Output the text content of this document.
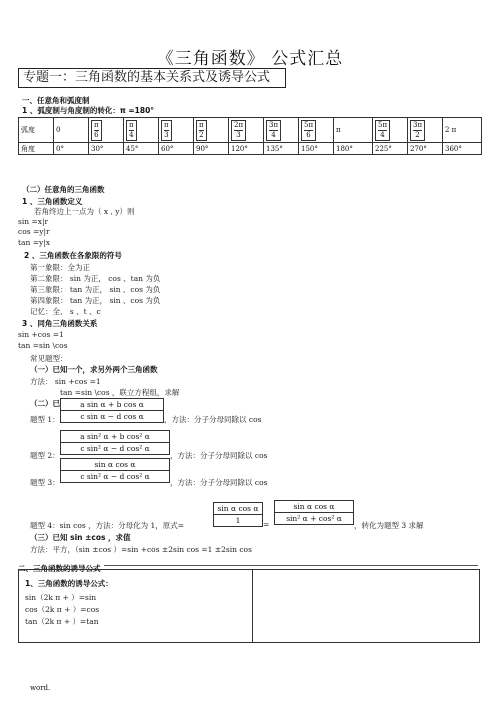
《三角函数》 公式汇总
专题一：三角函数的基本关系式及诱导公式
一、任意角和弧度制
1 、弧度制与角度制的转化：π =180°
弧度	0	$\frac{\pi}{6}$	$\frac{\pi}{4}$	$\frac{\pi}{3}$	$\frac{\pi}{2}$	$\frac{2\pi}{3}$	$\frac{3\pi}{4}$	$\frac{5\pi}{6}$	π	$\frac{5\pi}{4}$	$\frac{3\pi}{2}$	2 π
角度	0°	30°	45°	60°	90°	120°	135°	150°	180°	225°	270°	360°
（二）任意角的三角函数
1 、三角函数定义
若角终边上一点为（ x , y）则
sin =x|r
cos =y|r
tan =y|x
2 、三角函数在各象限的符号
第一象限：全为正
第二象限： sin 为正， cos 、tan 为负
第三象限： tan 为正， sin 、cos 为负
第四象限： tan 为正， sin 、cos 为负
记忆：全、 s 、t 、c
3 、同角三角函数关系
sin +cos =1
tan =sin \cos
常见题型：
（一）已知一个，求另外两个三角函数
方法： sin +cos =1
tan =sin \cos ，联立方程组，求解
（二）已 $\frac{\text{a sin α + b cos α}}{\text{c sin α − d cos α}}$
题型 1：	，方法：分子分母同除以 cos
$\frac{\text{a sin² α + b cos² α}}{\text{c sin² α − d cos² α}}$
题型 2：	，方法：分子分母同除以 cos
$\frac{\text{sin α cos α}}{\text{c sin² α − d cos² α}}$
题型 3：	，方法：分子分母同除以 cos
题型 4：sin cos ，方法：分母化为 1，原式=	$\frac{\text{sin α cos α}}{1} = \frac{\text{sin α cos α}}{\text{sin² α + cos² α}}$
，转化为题型 3 求解
（三）已知 sin ±cos ，求值
方法：平方，（sin ±cos ）=sin +cos ±2sin cos =1 ±2sin cos
二、三角函数的诱导公式
1、三角函数的诱导公式：
sin（2k π + ）=sin
cos（2k π + ）=cos
tan（2k π + ）=tan
word.
